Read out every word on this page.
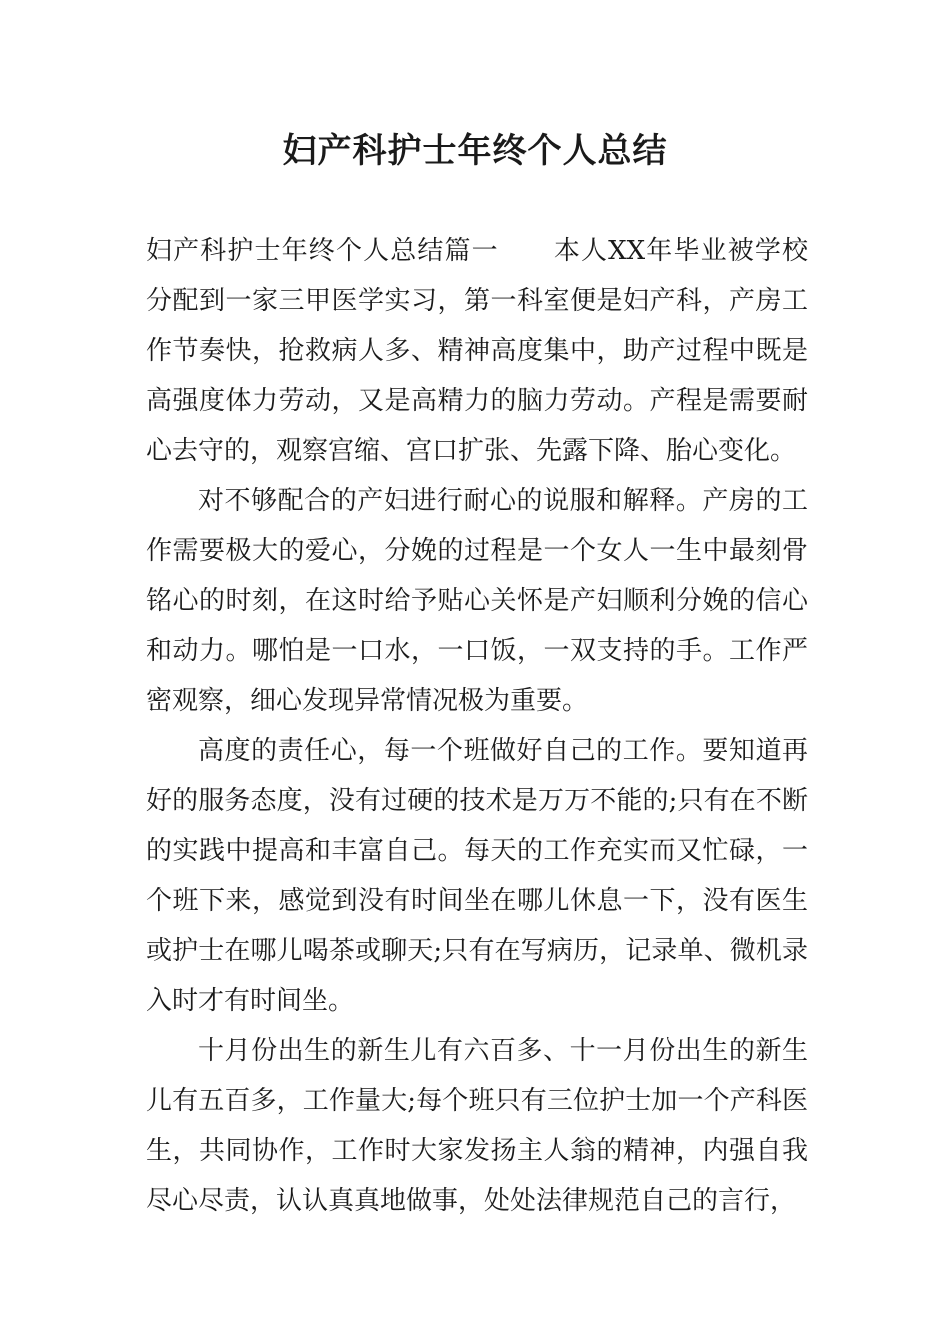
妇产科护士年终个人总结

妇产科护士年终个人总结篇一 本人XX年毕业被学校分配到一家三甲医学实习，第一科室便是妇产科，产房工作节奏快，抢救病人多、精神高度集中，助产过程中既是高强度体力劳动，又是高精力的脑力劳动。产程是需要耐心去守的，观察宫缩、宫口扩张、先露下降、胎心变化。

对不够配合的产妇进行耐心的说服和解释。产房的工作需要极大的爱心，分娩的过程是一个女人一生中最刻骨铭心的时刻，在这时给予贴心关怀是产妇顺利分娩的信心和动力。哪怕是一口水，一口饭，一双支持的手。工作严密观察，细心发现异常情况极为重要。

高度的责任心，每一个班做好自己的工作。要知道再好的服务态度，没有过硬的技术是万万不能的;只有在不断的实践中提高和丰富自己。每天的工作充实而又忙碌，一个班下来，感觉到没有时间坐在哪儿休息一下，没有医生或护士在哪儿喝茶或聊天;只有在写病历，记录单、微机录入时才有时间坐。

十月份出生的新生儿有六百多、十一月份出生的新生儿有五百多，工作量大;每个班只有三位护士加一个产科医生，共同协作，工作时大家发扬主人翁的精神，内强自我尽心尽责，认认真真地做事，处处法律规范自己的言行，
